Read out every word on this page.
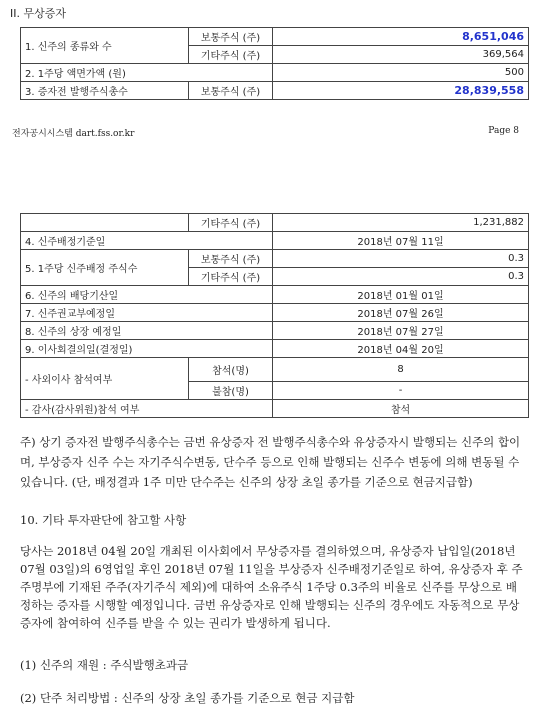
II. 무상증자
1. 신주의 종류와 수	보통주식 (주)	8,651,046
	기타주식 (주)	369,564
2. 1주당 액면가액 (원)		500
3. 증자전 발행주식총수	보통주식 (주)	28,839,558
전자공시시스템 dart.fss.or.kr	Page 8
	기타주식 (주)	1,231,882
4. 신주배정기준일		2018년 07월 11일
5. 1주당 신주배정 주식수	보통주식 (주)	0.3
	기타주식 (주)	0.3
6. 신주의 배당기산일		2018년 01월 01일
7. 신주권교부예정일		2018년 07월 26일
8. 신주의 상장 예정일		2018년 07월 27일
9. 이사회결의일(결정일)		2018년 04월 20일
- 사외이사 참석여부	참석(명)	8
	불참(명)	-
- 감사(감사위원)참석 여부		참석
주) 상기 증자전 발행주식총수는 금번 유상증자 전 발행주식총수와 유상증자시 발행되는 신주의 합이며, 부상증자 신주 수는 자기주식수변동, 단수주 등으로 인해 발행되는 신주수 변동에 의해 변동될 수 있습니다. (단, 배정결과 1주 미만 단수주는 신주의 상장 초일 종가를 기준으로 현금지급함)
10. 기타 투자판단에 참고할 사항
당사는 2018년 04월 20일 개최된 이사회에서 무상증자를 결의하였으며, 유상증자 납입일(2018년 07월 03일)의 6영업일 후인 2018년 07월 11일을 부상증자 신주배정기준일로 하여, 유상증자 후 주주명부에 기재된 주주(자기주식 제외)에 대하여 소유주식 1주당 0.3주의 비율로 신주를 무상으로 배정하는 증자를 시행할 예정입니다. 금번 유상증자로 인해 발행되는 신주의 경우에도 자동적으로 무상증자에 참여하여 신주를 받을 수 있는 권리가 발생하게 됩니다.
(1) 신주의 재원 : 주식발행초과금
(2) 단주 처리방법 : 신주의 상장 초일 종가를 기준으로 현금 지급함
